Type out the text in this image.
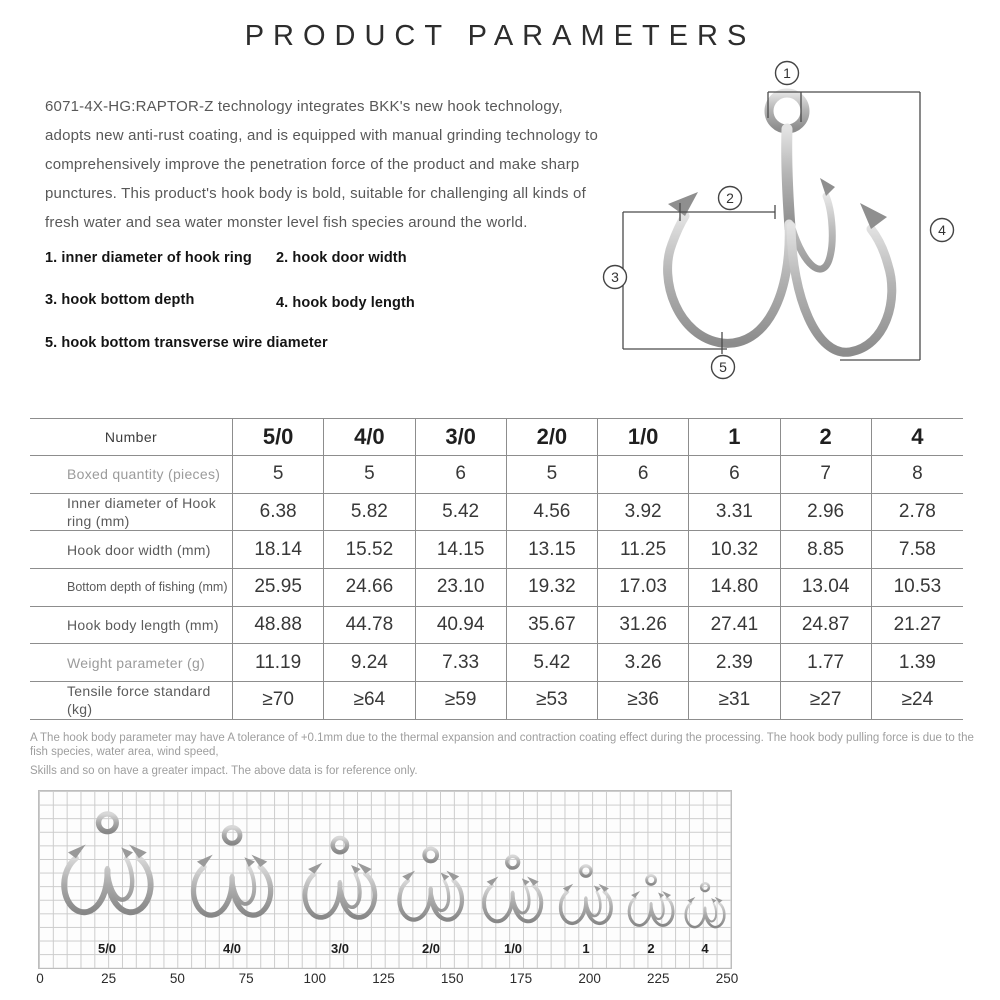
PRODUCT PARAMETERS
6071-4X-HG:RAPTOR-Z technology integrates BKK's new hook technology,
adopts new anti-rust coating, and is equipped with manual grinding technology to
comprehensively improve the penetration force of the product and make sharp
punctures. This product's hook body is bold, suitable for challenging all kinds of
fresh water and sea water monster level fish species around the world.
1. inner diameter of hook ring 2. hook door width
3. hook bottom depth	4. hook body length
5. hook bottom transverse wire diameter
1
2
3
4
5
Number	5/0	4/0	3/0	2/0	1/0	1	2	4
Boxed quantity (pieces)	5	5	6	5	6	6	7	8
Inner diameter of Hook ring (mm)	6.38	5.82	5.42	4.56	3.92	3.31	2.96	2.78
Hook door width (mm)	18.14	15.52	14.15	13.15	11.25	10.32	8.85	7.58
Bottom depth of fishing (mm)	25.95	24.66	23.10	19.32	17.03	14.80	13.04	10.53
Hook body length (mm)	48.88	44.78	40.94	35.67	31.26	27.41	24.87	21.27
Weight parameter (g)	11.19	9.24	7.33	5.42	3.26	2.39	1.77	1.39
Tensile force standard (kg)	≥70	≥64	≥59	≥53	≥36	≥31	≥27	≥24
A The hook body parameter may have A tolerance of +0.1mm due to the thermal expansion and contraction coating effect during the processing. The hook body pulling force is due to the
fish species, water area, wind speed,
Skills and so on have a greater impact. The above data is for reference only.
5/0	4/0	3/0	2/0	1/0	1	2	4
0	25	50	75	100	125	150	175	200	225	250
